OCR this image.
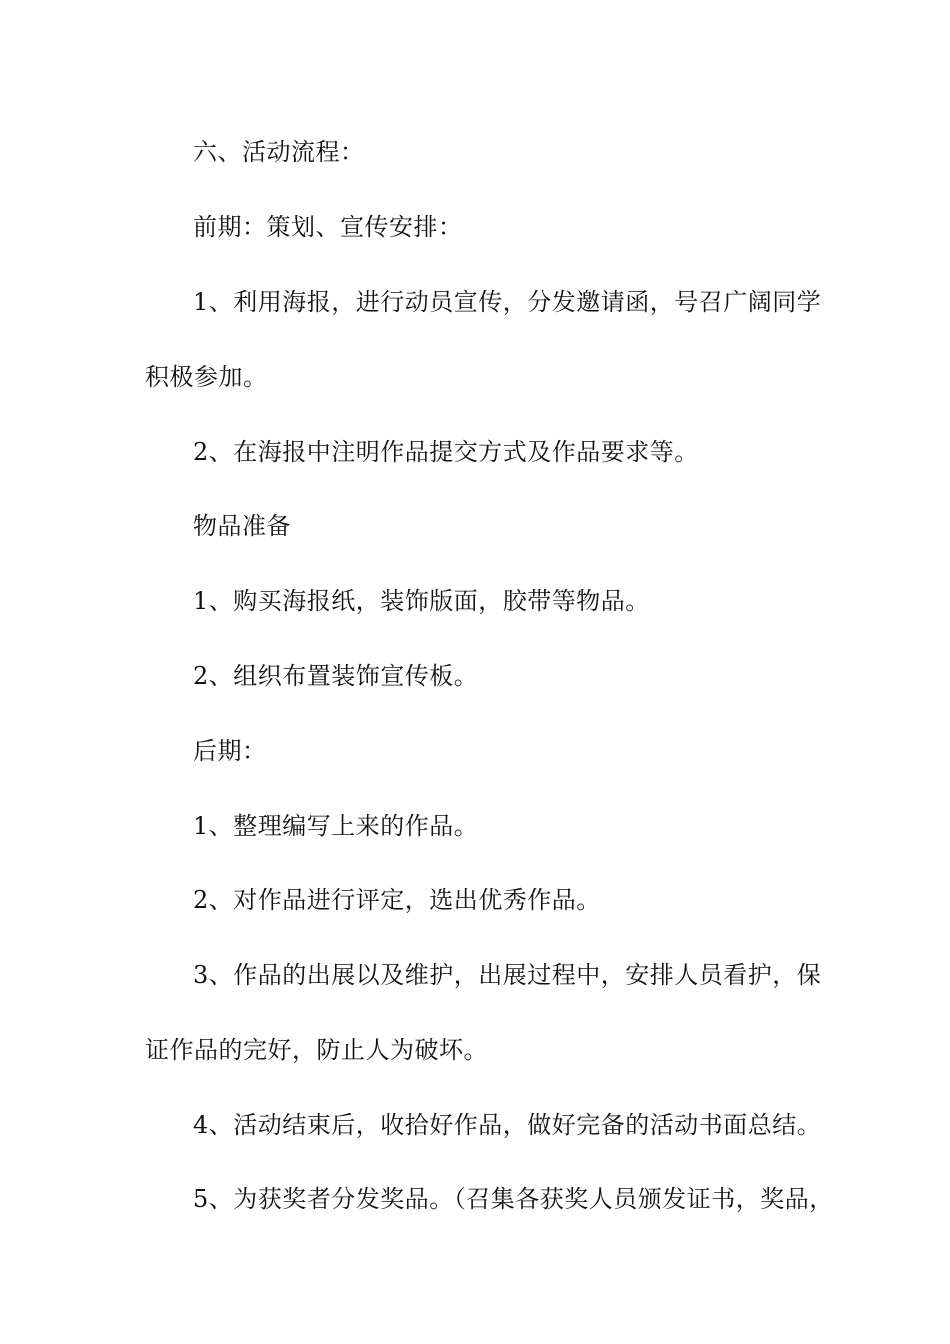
六、活动流程：
前期：策划、宣传安排：
1、利用海报，进行动员宣传，分发邀请函，号召广阔同学
积极参加。
2、在海报中注明作品提交方式及作品要求等。
物品准备
1、购买海报纸，装饰版面，胶带等物品。
2、组织布置装饰宣传板。
后期：
1、整理编写上来的作品。
2、对作品进行评定，选出优秀作品。
3、作品的出展以及维护，出展过程中，安排人员看护，保
证作品的完好，防止人为破坏。
4、活动结束后，收拾好作品，做好完备的活动书面总结。
5、为获奖者分发奖品。（召集各获奖人员颁发证书，奖品，
